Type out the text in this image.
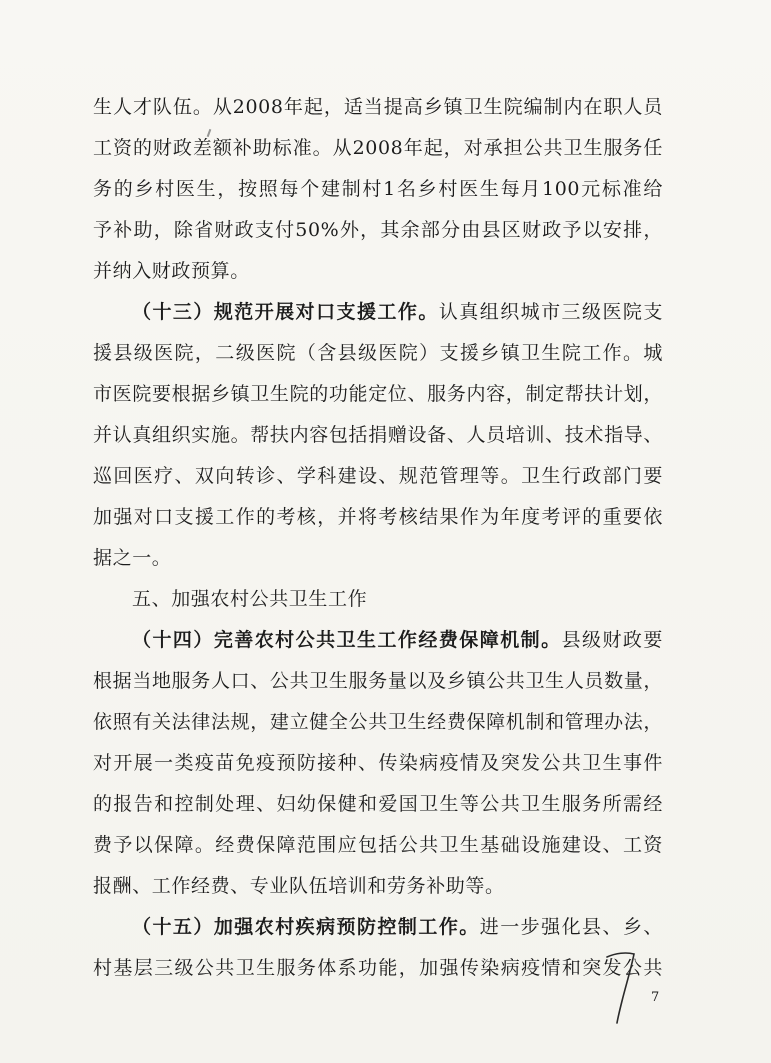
生人才队伍。从2008年起，适当提高乡镇卫生院编制内在职人员
工资的财政差额补助标准。从2008年起，对承担公共卫生服务任
务的乡村医生，按照每个建制村1名乡村医生每月100元标准给
予补助，除省财政支付50%外，其余部分由县区财政予以安排，
并纳入财政预算。
（十三）规范开展对口支援工作。认真组织城市三级医院支
援县级医院，二级医院（含县级医院）支援乡镇卫生院工作。城
市医院要根据乡镇卫生院的功能定位、服务内容，制定帮扶计划，
并认真组织实施。帮扶内容包括捐赠设备、人员培训、技术指导、
巡回医疗、双向转诊、学科建设、规范管理等。卫生行政部门要
加强对口支援工作的考核，并将考核结果作为年度考评的重要依
据之一。
五、加强农村公共卫生工作
（十四）完善农村公共卫生工作经费保障机制。县级财政要
根据当地服务人口、公共卫生服务量以及乡镇公共卫生人员数量，
依照有关法律法规，建立健全公共卫生经费保障机制和管理办法，
对开展一类疫苗免疫预防接种、传染病疫情及突发公共卫生事件
的报告和控制处理、妇幼保健和爱国卫生等公共卫生服务所需经
费予以保障。经费保障范围应包括公共卫生基础设施建设、工资
报酬、工作经费、专业队伍培训和劳务补助等。
（十五）加强农村疾病预防控制工作。进一步强化县、乡、
村基层三级公共卫生服务体系功能，加强传染病疫情和突发公共
7
